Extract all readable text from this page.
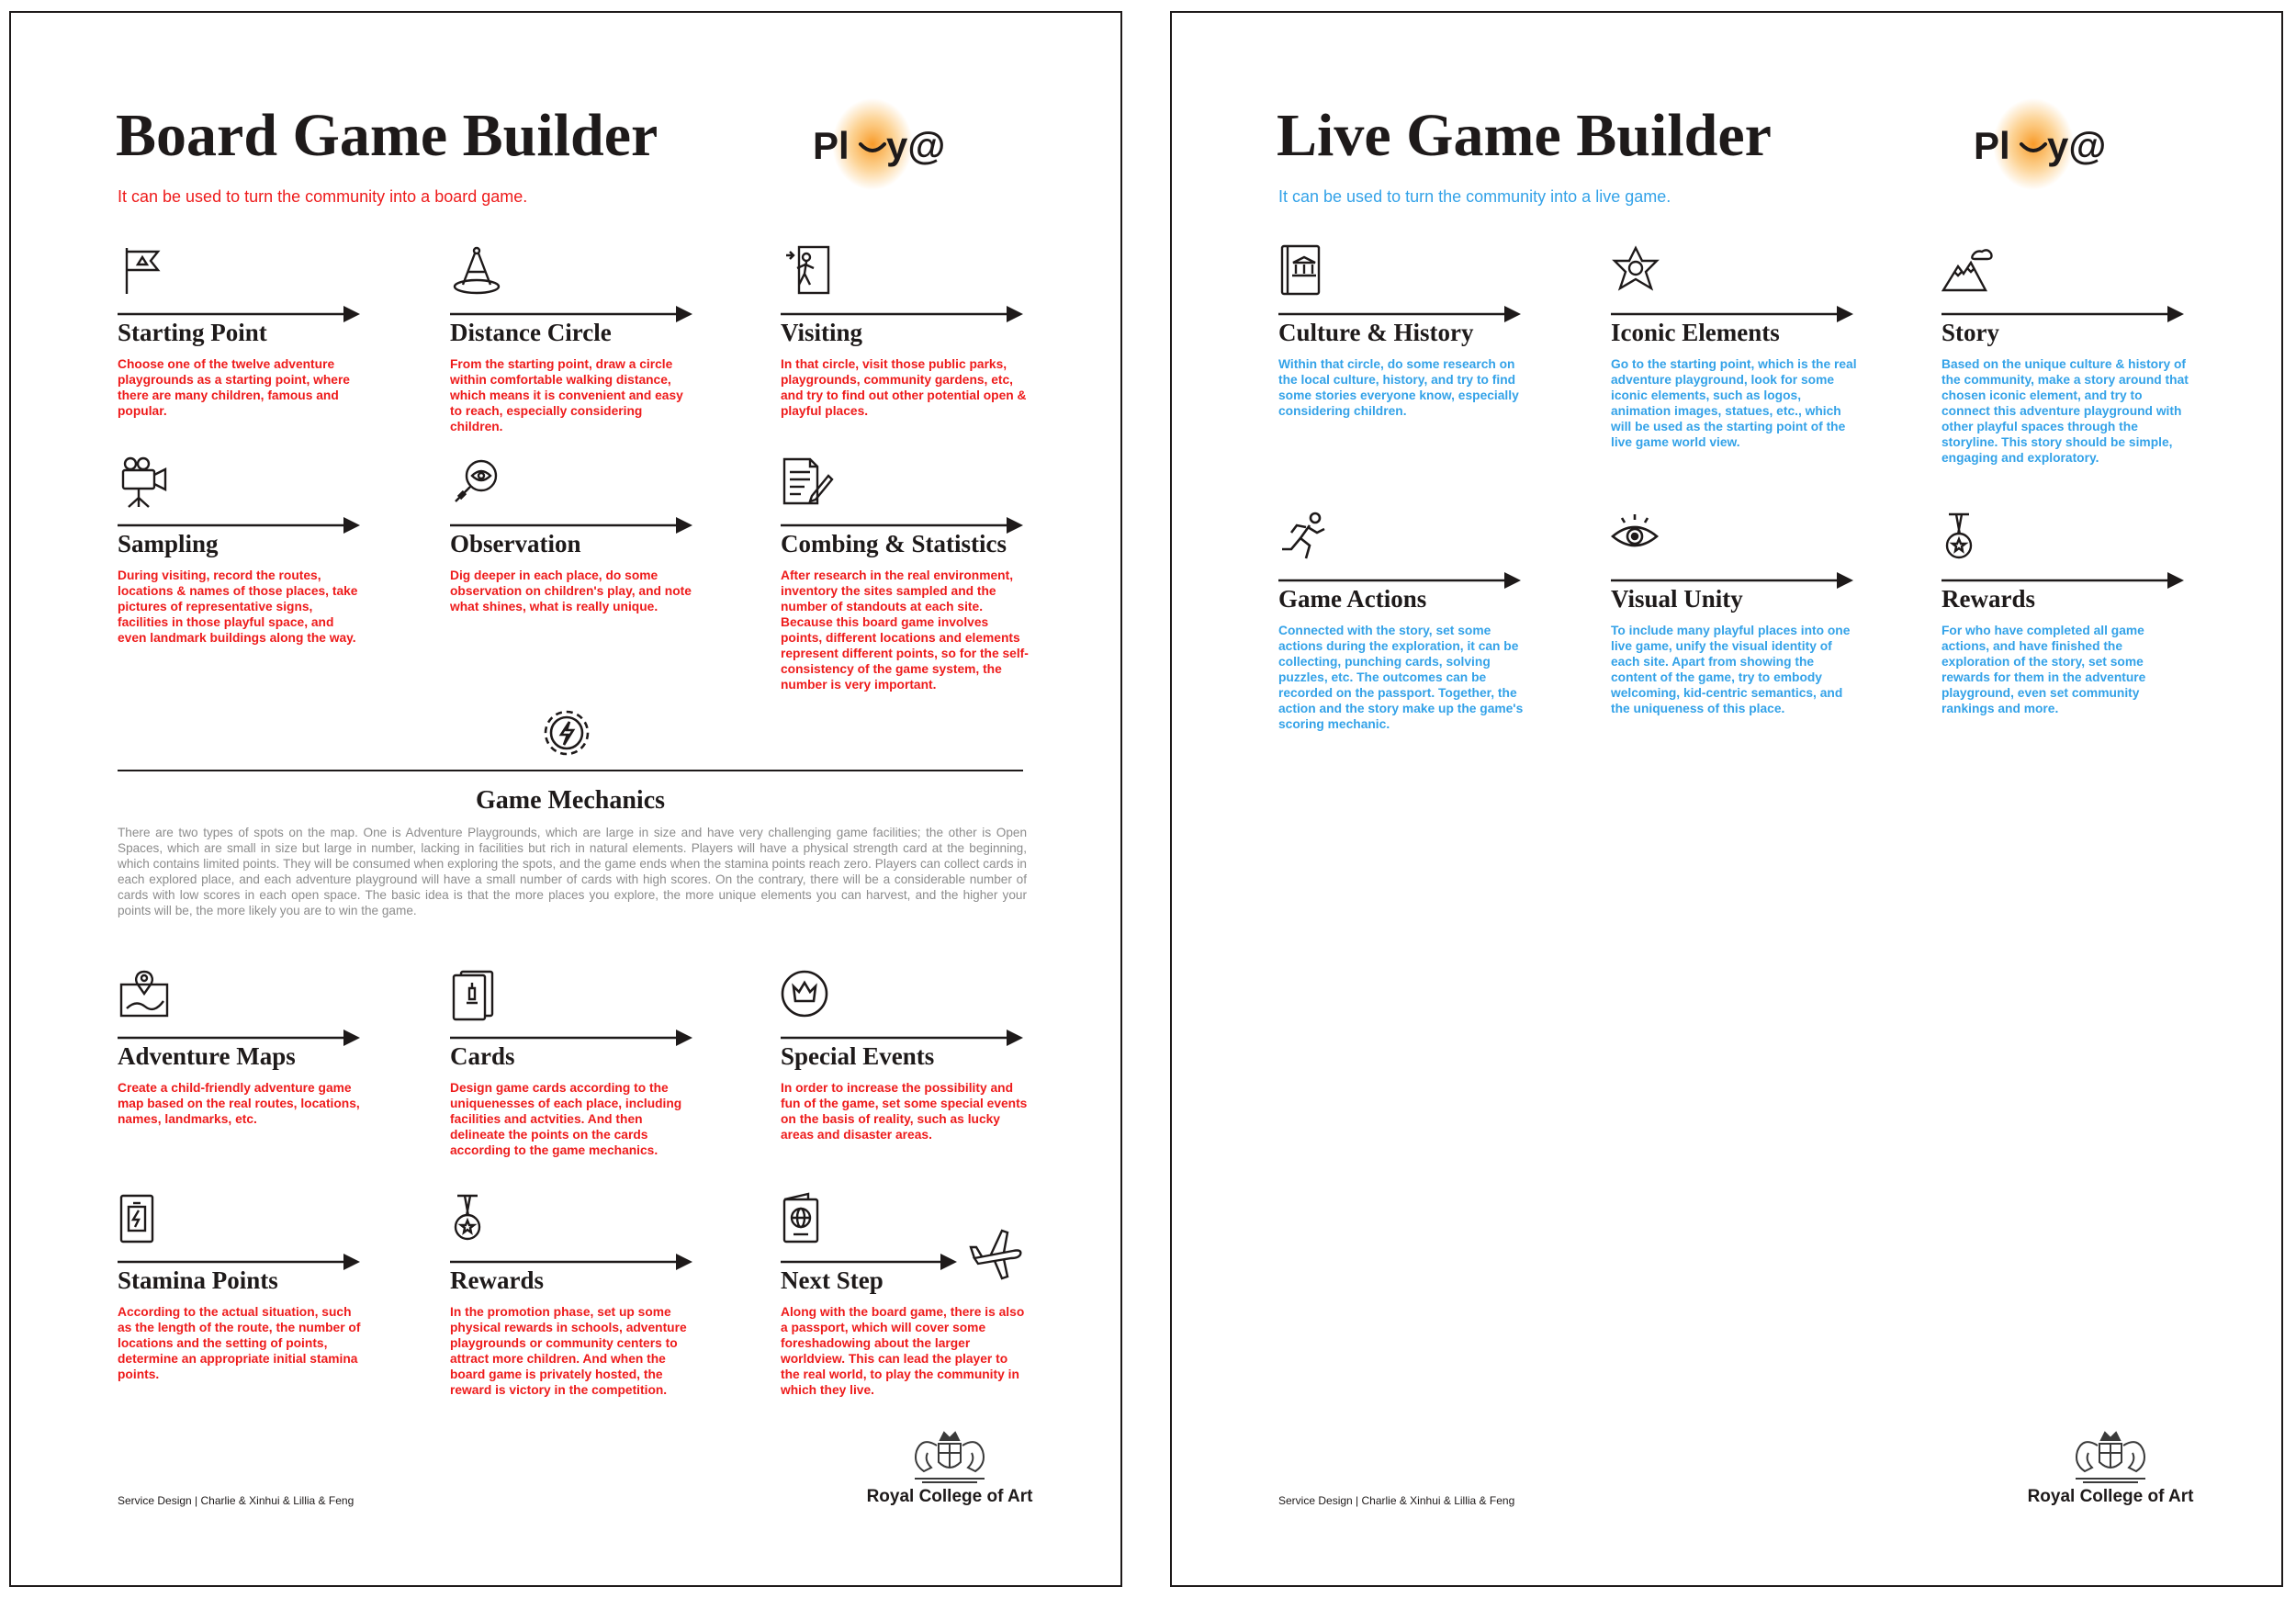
Board Game Builder
It can be used to turn the community into a board game.
Pl y@
Starting Point
Choose one of the twelve adventure playgrounds as a starting point, where there are many children, famous and popular.
Distance Circle
From the starting point, draw a circle within comfortable walking distance, which means it is convenient and easy to reach, especially considering children.
Visiting
In that circle, visit those public parks, playgrounds, community gardens, etc, and try to find out other potential open & playful places.
Sampling
During visiting, record the routes, locations & names of those places, take pictures of representative signs, facilities in those playful space, and even landmark buildings along the way.
Observation
Dig deeper in each place, do some observation on children's play, and note what shines, what is really unique.
Combing & Statistics
After research in the real environment, inventory the sites sampled and the number of standouts at each site. Because this board game involves points, different locations and elements represent different points, so for the self-consistency of the game system, the number is very important.
Game Mechanics
There are two types of spots on the map. One is Adventure Playgrounds, which are large in size and have very challenging game facilities; the other is Open Spaces, which are small in size but large in number, lacking in facilities but rich in natural elements. Players will have a physical strength card at the beginning, which contains limited points. They will be consumed when exploring the spots, and the game ends when the stamina points reach zero. Players can collect cards in each explored place, and each adventure playground will have a small number of cards with high scores. On the contrary, there will be a considerable number of cards with low scores in each open space. The basic idea is that the more places you explore, the more unique elements you can harvest, and the higher your points will be, the more likely you are to win the game.
Adventure Maps
Create a child-friendly adventure game map based on the real routes, locations, names, landmarks, etc.
Cards
Design game cards according to the uniquenesses of each place, including facilities and actvities. And then delineate the points on the cards according to the game mechanics.
Special Events
In order to increase the possibility and fun of the game, set some special events on the basis of reality, such as lucky areas and disaster areas.
Stamina Points
According to the actual situation, such as the length of the route, the number of locations and the setting of points, determine an appropriate initial stamina points.
Rewards
In the promotion phase, set up some physical rewards in schools, adventure playgrounds or community centers to attract more children. And when the board game is privately hosted, the reward is victory in the competition.
Next Step
Along with the board game, there is also a passport, which will cover some foreshadowing about the larger worldview. This can lead the player to the real world, to play the community in which they live.
Service Design | Charlie & Xinhui & Lillia & Feng	Royal College of Art
Live Game Builder
It can be used to turn the community into a live game.
Pl y@
Culture & History
Within that circle, do some research on the local culture, history, and try to find some stories everyone know, especially considering children.
Iconic Elements
Go to the starting point, which is the real adventure playground, look for some iconic elements, such as logos, animation images, statues, etc., which will be used as the starting point of the live game world view.
Story
Based on the unique culture & history of the community, make a story around that chosen iconic element, and try to connect this adventure playground with other playful spaces through the storyline. This story should be simple, engaging and exploratory.
Game Actions
Connected with the story, set some actions during the exploration, it can be collecting, punching cards, solving puzzles, etc. The outcomes can be recorded on the passport. Together, the action and the story make up the game's scoring mechanic.
Visual Unity
To include many playful places into one live game, unify the visual identity of each site. Apart from showing the content of the game, try to embody welcoming, kid-centric semantics, and the uniqueness of this place.
Rewards
For who have completed all game actions, and have finished the exploration of the story, set some rewards for them in the adventure playground, even set community rankings and more.
Service Design | Charlie & Xinhui & Lillia & Feng	Royal College of Art
